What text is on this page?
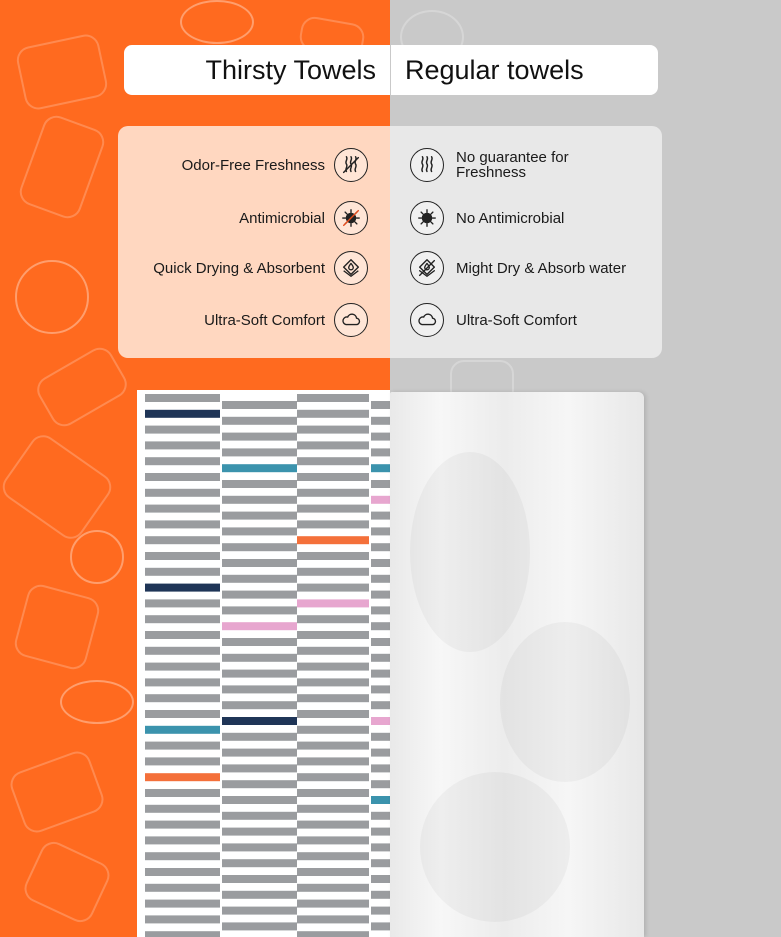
Thirsty Towels	Regular towels
Odor-Free Freshness
Antimicrobial
Quick Drying & Absorbent
Ultra-Soft Comfort
No guarantee for Freshness
No Antimicrobial
Might Dry & Absorb water
Ultra-Soft Comfort
